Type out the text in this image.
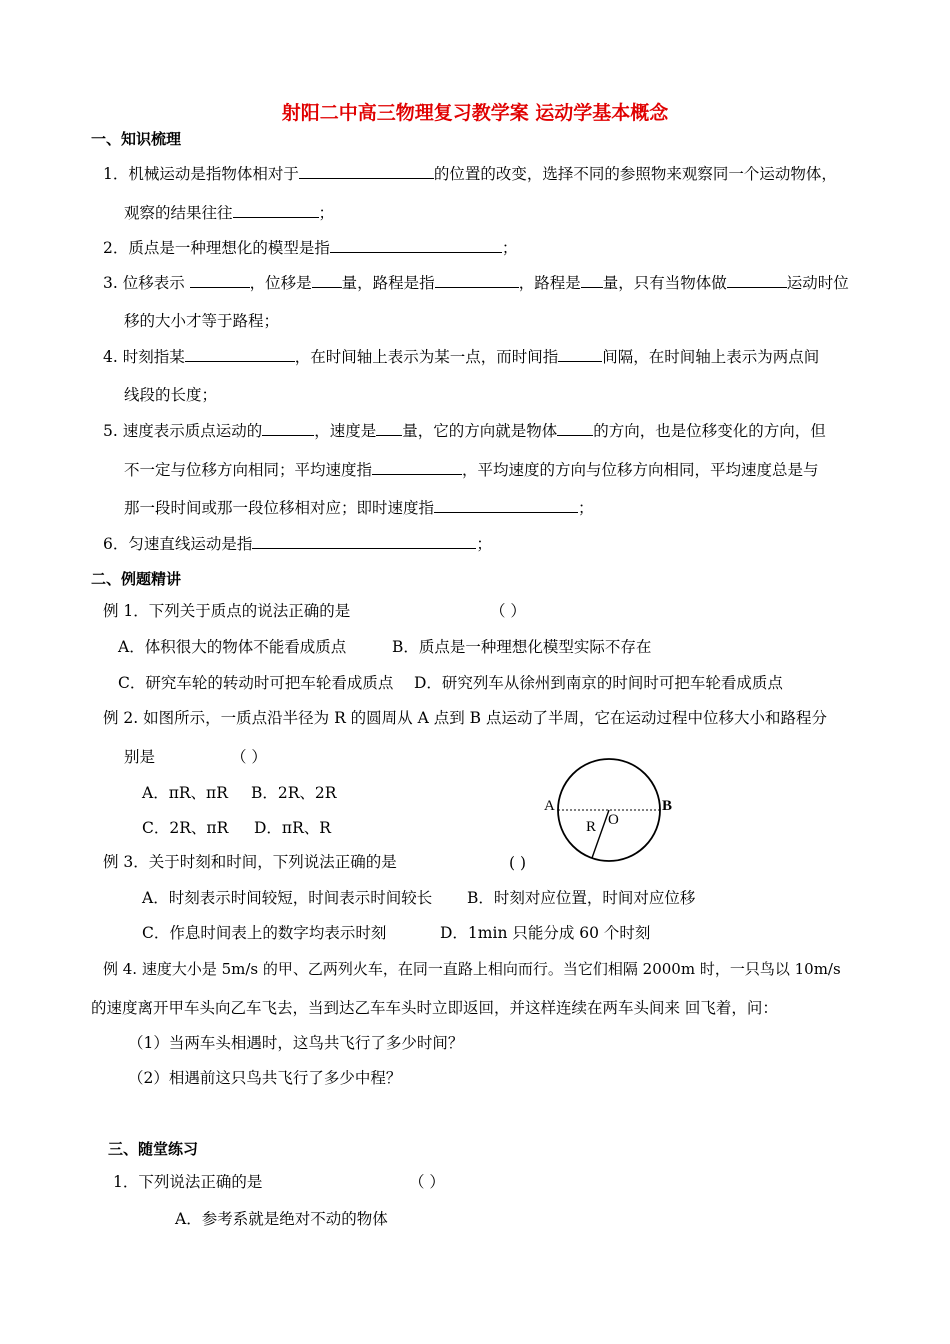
射阳二中高三物理复习教学案 运动学基本概念
一、知识梳理
1．机械运动是指物体相对于	的位置的改变，选择不同的参照物来观察同一个运动物体，
观察的结果往往	；
2．质点是一种理想化的模型是指	；
3. 位移表示	，位移是 量，路程是指	，路程是 量，只有当物体做	运动时位
移的大小才等于路程；
4. 时刻指某	，在时间轴上表示为某一点，而时间指	间隔，在时间轴上表示为两点间
线段的长度；
5. 速度表示质点运动的	，速度是 量，它的方向就是物体 的方向，也是位移变化的方向，但
不一定与位移方向相同；平均速度指	，平均速度的方向与位移方向相同，平均速度总是与
那一段时间或那一段位移相对应；即时速度指	；
6．匀速直线运动是指	；
二、例题精讲
例 1．下列关于质点的说法正确的是	（ ）
A．体积很大的物体不能看成质点	B．质点是一种理想化模型实际不存在
C．研究车轮的转动时可把车轮看成质点 D．研究列车从徐州到南京的时间时可把车轮看成质点
例 2. 如图所示，一质点沿半径为 R 的圆周从 A 点到 B 点运动了半周，它在运动过程中位移大小和路程分
别是	（ ）
A．πR、πR B．2R、2R
C．2R、πR D．πR、R
A	B
R O
例 3．关于时刻和时间，下列说法正确的是	( )
A．时刻表示时间较短，时间表示时间较长 B．时刻对应位置，时间对应位移
C．作息时间表上的数字均表示时刻	D．1min 只能分成 60 个时刻
例 4. 速度大小是 5m/s 的甲、乙两列火车，在同一直路上相向而行。当它们相隔 2000m 时，一只鸟以 10m/s
的速度离开甲车头向乙车飞去，当到达乙车车头时立即返回，并这样连续在两车头间来 回飞着，问：
（1）当两车头相遇时，这鸟共飞行了多少时间？
（2）相遇前这只鸟共飞行了多少中程？
三、随堂练习
1．下列说法正确的是	（ ）
A．参考系就是绝对不动的物体
